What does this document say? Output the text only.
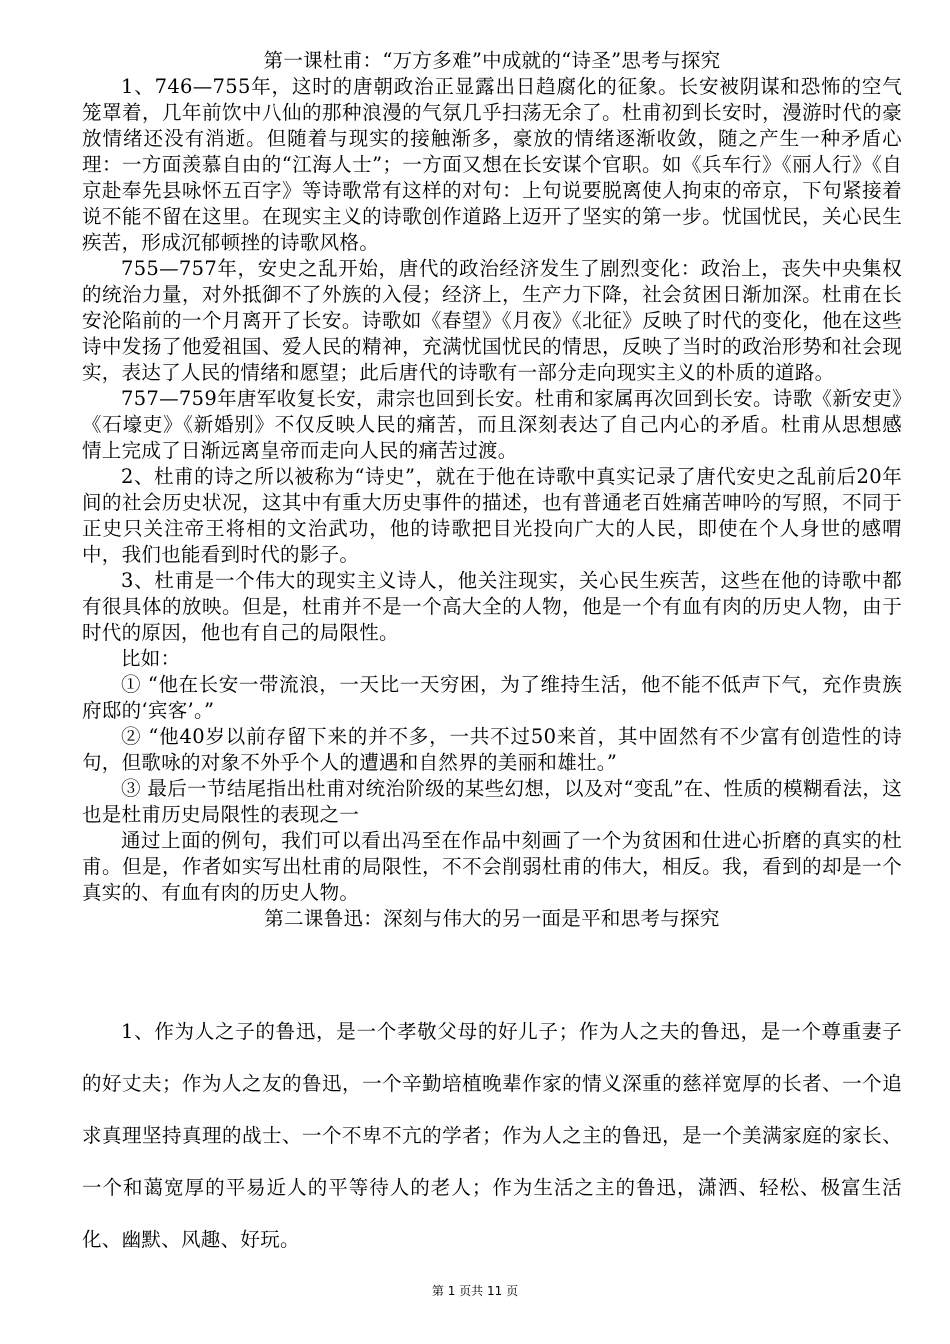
第一课杜甫：“万方多难”中成就的“诗圣”思考与探究

1、746—755年，这时的唐朝政治正显露出日趋腐化的征象。长安被阴谋和恐怖的空气笼罩着，几年前饮中八仙的那种浪漫的气氛几乎扫荡无余了。杜甫初到长安时，漫游时代的豪放情绪还没有消逝。但随着与现实的接触渐多，豪放的情绪逐渐收敛，随之产生一种矛盾心理：一方面羡慕自由的“江海人士”；一方面又想在长安谋个官职。如《兵车行》《丽人行》《自京赴奉先县咏怀五百字》等诗歌常有这样的对句：上句说要脱离使人拘束的帝京，下句紧接着说不能不留在这里。在现实主义的诗歌创作道路上迈开了坚实的第一步。忧国忧民，关心民生疾苦，形成沉郁顿挫的诗歌风格。

755—757年，安史之乱开始，唐代的政治经济发生了剧烈变化：政治上，丧失中央集权的统治力量，对外抵御不了外族的入侵；经济上，生产力下降，社会贫困日渐加深。杜甫在长安沦陷前的一个月离开了长安。诗歌如《春望》《月夜》《北征》反映了时代的变化，他在这些诗中发扬了他爱祖国、爱人民的精神，充满忧国忧民的情思，反映了当时的政治形势和社会现实，表达了人民的情绪和愿望；此后唐代的诗歌有一部分走向现实主义的朴质的道路。

757—759年唐军收复长安，肃宗也回到长安。杜甫和家属再次回到长安。诗歌《新安吏》《石壕吏》《新婚别》不仅反映人民的痛苦，而且深刻表达了自己内心的矛盾。杜甫从思想感情上完成了日渐远离皇帝而走向人民的痛苦过渡。

2、杜甫的诗之所以被称为“诗史”，就在于他在诗歌中真实记录了唐代安史之乱前后20年间的社会历史状况，这其中有重大历史事件的描述，也有普通老百姓痛苦呻吟的写照，不同于正史只关注帝王将相的文治武功，他的诗歌把目光投向广大的人民，即使在个人身世的感喟中，我们也能看到时代的影子。

3、杜甫是一个伟大的现实主义诗人，他关注现实，关心民生疾苦，这些在他的诗歌中都有很具体的放映。但是，杜甫并不是一个高大全的人物，他是一个有血有肉的历史人物，由于时代的原因，他也有自己的局限性。

比如：

① “他在长安一带流浪，一天比一天穷困，为了维持生活，他不能不低声下气，充作贵族府邸的‘宾客’。”

② “他40岁以前存留下来的并不多，一共不过50来首，其中固然有不少富有创造性的诗句，但歌咏的对象不外乎个人的遭遇和自然界的美丽和雄壮。”

③ 最后一节结尾指出杜甫对统治阶级的某些幻想，以及对“变乱”在、性质的模糊看法，这也是杜甫历史局限性的表现之一

通过上面的例句，我们可以看出冯至在作品中刻画了一个为贫困和仕进心折磨的真实的杜甫。但是，作者如实写出杜甫的局限性，不不会削弱杜甫的伟大，相反。我，看到的却是一个真实的、有血有肉的历史人物。

第二课鲁迅：深刻与伟大的另一面是平和思考与探究

1、作为人之子的鲁迅，是一个孝敬父母的好儿子；作为人之夫的鲁迅，是一个尊重妻子的好丈夫；作为人之友的鲁迅，一个辛勤培植晚辈作家的情义深重的慈祥宽厚的长者、一个追求真理坚持真理的战士、一个不卑不亢的学者；作为人之主的鲁迅，是一个美满家庭的家长、一个和蔼宽厚的平易近人的平等待人的老人；作为生活之主的鲁迅，潇洒、轻松、极富生活化、幽默、风趣、好玩。

第 1 页共 11 页
